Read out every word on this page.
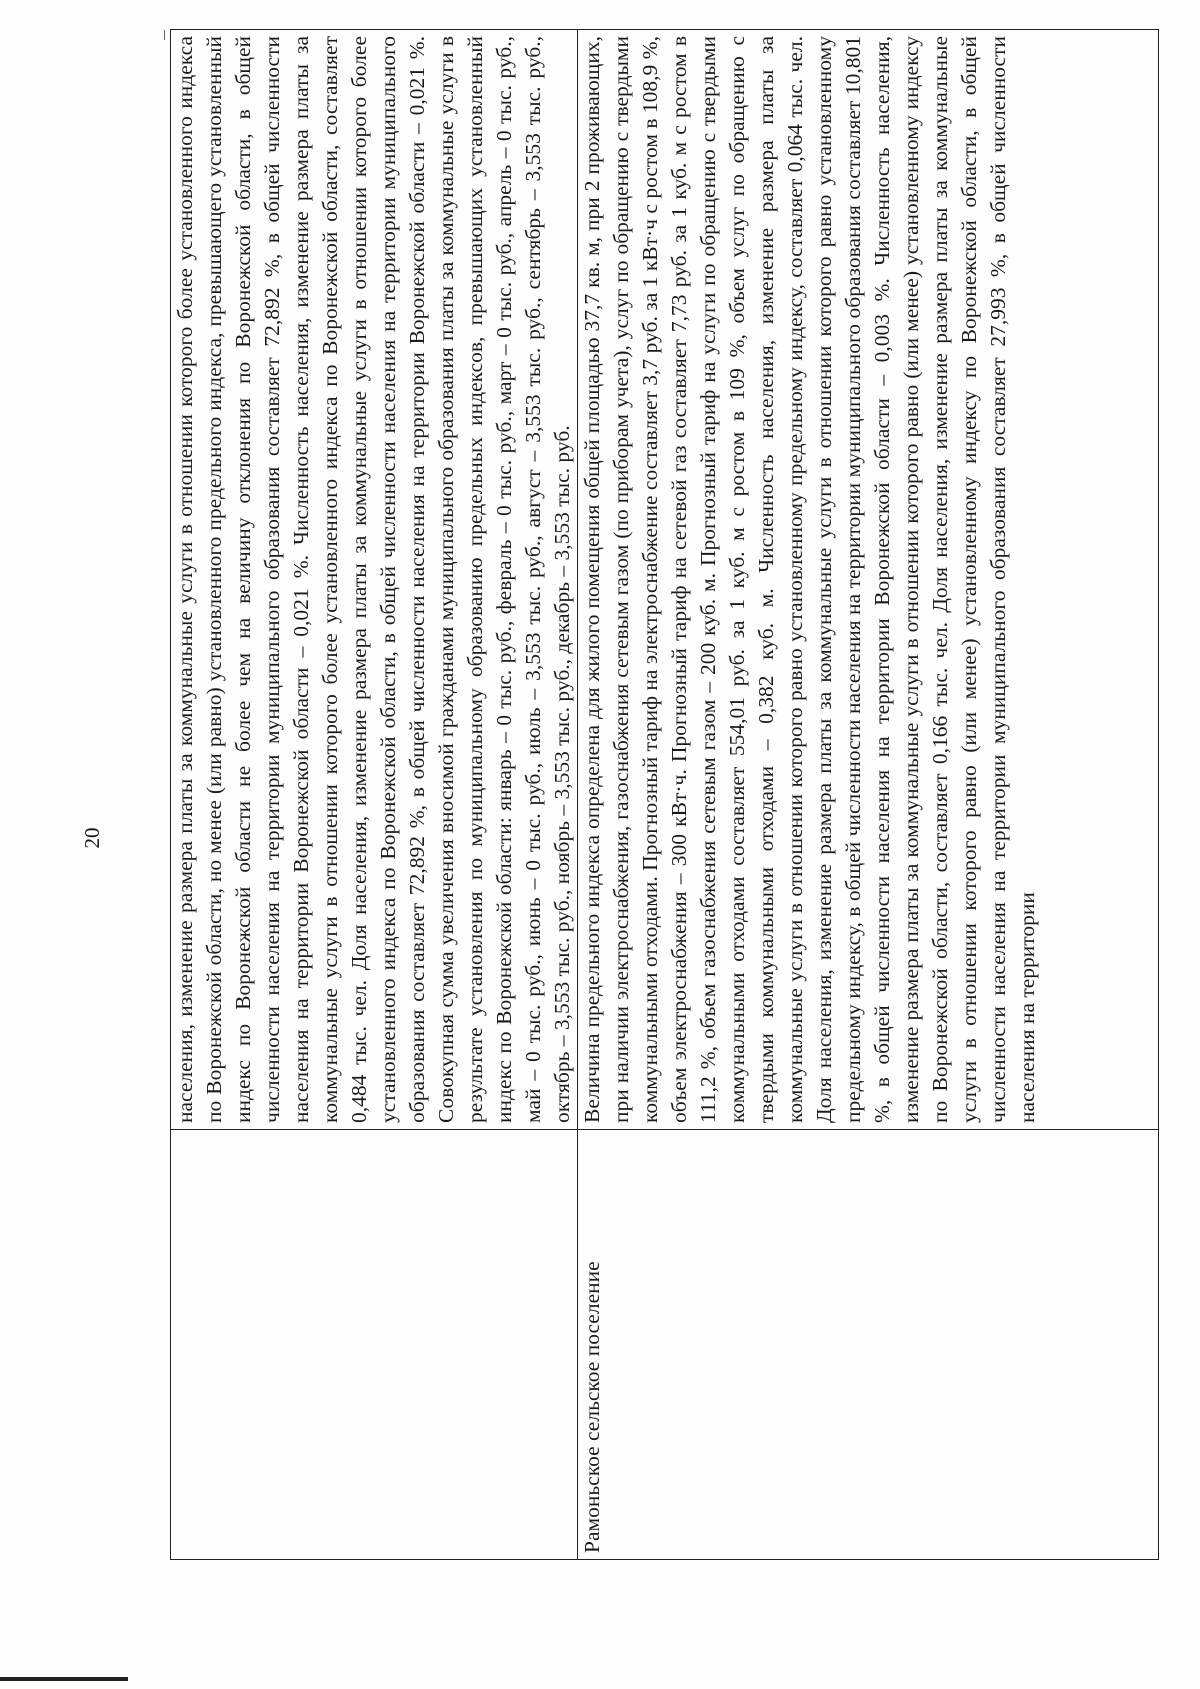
20
		населения, изменение размера платы за коммунальные услуги в отношении которого более установленного индекса по Воронежской области, но менее (или равно) установленного предельного индекса, превышающего установленный индекс по Воронежской области не более чем на величину отклонения по Воронежской области, в общей численности населения на территории муниципального образования составляет 72,892 %, в общей численности населения на территории Воронежской области – 0,021 %. Численность населения, изменение размера платы за коммунальные услуги в отношении которого более установленного индекса по Воронежской области, составляет 0,484 тыс. чел. Доля населения, изменение размера платы за коммунальные услуги в отношении которого более установленного индекса по Воронежской области, в общей численности населения на территории муниципального образования составляет 72,892 %, в общей численности населения на территории Воронежской области – 0,021 %. Совокупная сумма увеличения вносимой гражданами муниципального образования платы за коммунальные услуги в результате установления по муниципальному образованию предельных индексов, превышающих установленный индекс по Воронежской области: январь – 0 тыс. руб., февраль – 0 тыс. руб., март – 0 тыс. руб., апрель – 0 тыс. руб., май – 0 тыс. руб., июнь – 0 тыс. руб., июль – 3,553 тыс. руб., август – 3,553 тыс. руб., сентябрь – 3,553 тыс. руб., октябрь – 3,553 тыс. руб., ноябрь – 3,553 тыс. руб., декабрь – 3,553 тыс. руб.
Рамоньское сельское поселение	Величина предельного индекса определена для жилого помещения общей площадью 37,7 кв. м, при 2 проживающих, при наличии электроснабжения, газоснабжения сетевым газом (по приборам учета), услуг по обращению с твердыми коммунальными отходами. Прогнозный тариф на электроснабжение составляет 3,7 руб. за 1 кВт·ч с ростом в 108,9 %, объем электроснабжения – 300 кВт·ч. Прогнозный тариф на сетевой газ составляет 7,73 руб. за 1 куб. м с ростом в 111,2 %, объем газоснабжения сетевым газом – 200 куб. м. Прогнозный тариф на услуги по обращению с твердыми коммунальными отходами составляет 554,01 руб. за 1 куб. м с ростом в 109 %, объем услуг по обращению с твердыми коммунальными отходами – 0,382 куб. м. Численность населения, изменение размера платы за коммунальные услуги в отношении которого равно установленному предельному индексу, составляет 0,064 тыс. чел. Доля населения, изменение размера платы за коммунальные услуги в отношении которого равно установленному предельному индексу, в общей численности населения на территории муниципального образования составляет 10,801 %, в общей численности населения на территории Воронежской области – 0,003 %. Численность населения, изменение размера платы за коммунальные услуги в отношении которого равно (или менее) установленному индексу по Воронежской области, составляет 0,166 тыс. чел. Доля населения, изменение размера платы за коммунальные услуги в отношении которого равно (или менее) установленному индексу по Воронежской области, в общей численности населения на территории муниципального образования составляет 27,993 %, в общей численности населения на территории
